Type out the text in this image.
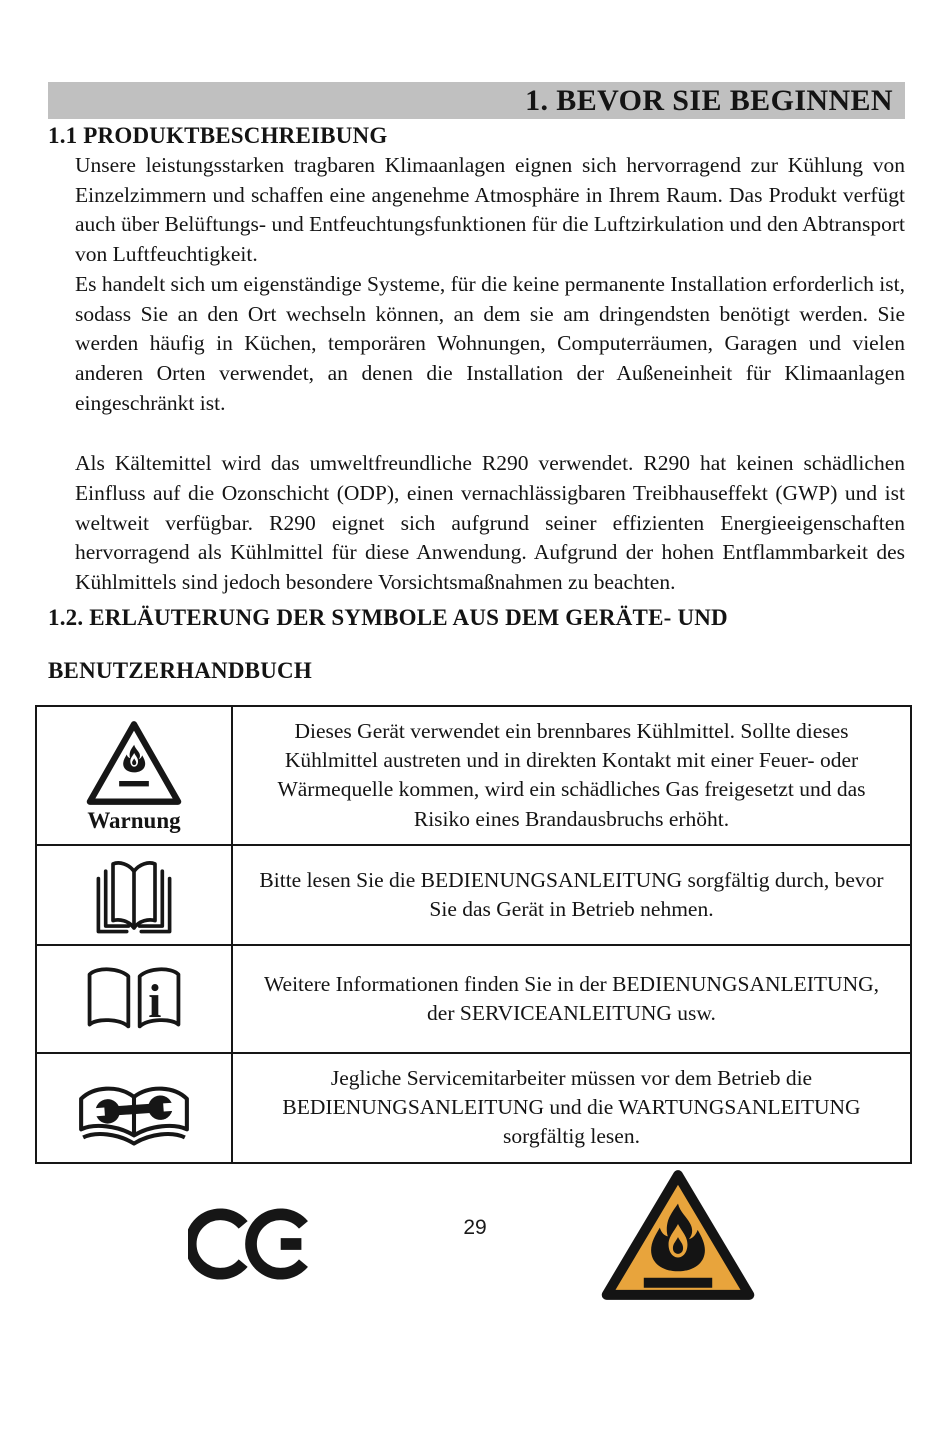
1. BEVOR SIE BEGINNEN
1.1 PRODUKTBESCHREIBUNG

Unsere leistungsstarken tragbaren Klimaanlagen eignen sich hervorragend zur Kühlung von Einzelzimmern und schaffen eine angenehme Atmosphäre in Ihrem Raum. Das Produkt verfügt auch über Belüftungs- und Entfeuchtungsfunktionen für die Luftzirkulation und den Abtransport von Luftfeuchtigkeit.

Es handelt sich um eigenständige Systeme, für die keine permanente Installation erforderlich ist, sodass Sie an den Ort wechseln können, an dem sie am dringendsten benötigt werden. Sie werden häufig in Küchen, temporären Wohnungen, Computerräumen, Garagen und vielen anderen Orten verwendet, an denen die Installation der Außeneinheit für Klimaanlagen eingeschränkt ist.

Als Kältemittel wird das umweltfreundliche R290 verwendet. R290 hat keinen schädlichen Einfluss auf die Ozonschicht (ODP), einen vernachlässigbaren Treibhauseffekt (GWP) und ist weltweit verfügbar. R290 eignet sich aufgrund seiner effizienten Energieeigenschaften hervorragend als Kühlmittel für diese Anwendung. Aufgrund der hohen Entflammbarkeit des Kühlmittels sind jedoch besondere Vorsichtsmaßnahmen zu beachten.

1.2. ERLÄUTERUNG DER SYMBOLE AUS DEM GERÄTE- UND
BENUTZERHANDBUCH
Warnung	Dieses Gerät verwendet ein brennbares Kühlmittel. Sollte dieses Kühlmittel austreten und in direkten Kontakt mit einer Feuer- oder Wärmequelle kommen, wird ein schädliches Gas freigesetzt und das Risiko eines Brandausbruchs erhöht.

	Bitte lesen Sie die BEDIENUNGSANLEITUNG sorgfältig durch, bevor Sie das Gerät in Betrieb nehmen.

i	Weitere Informationen finden Sie in der BEDIENUNGSANLEITUNG, der SERVICEANLEITUNG usw.

	Jegliche Servicemitarbeiter müssen vor dem Betrieb die BEDIENUNGSANLEITUNG und die WARTUNGSANLEITUNG sorgfältig lesen.
29
